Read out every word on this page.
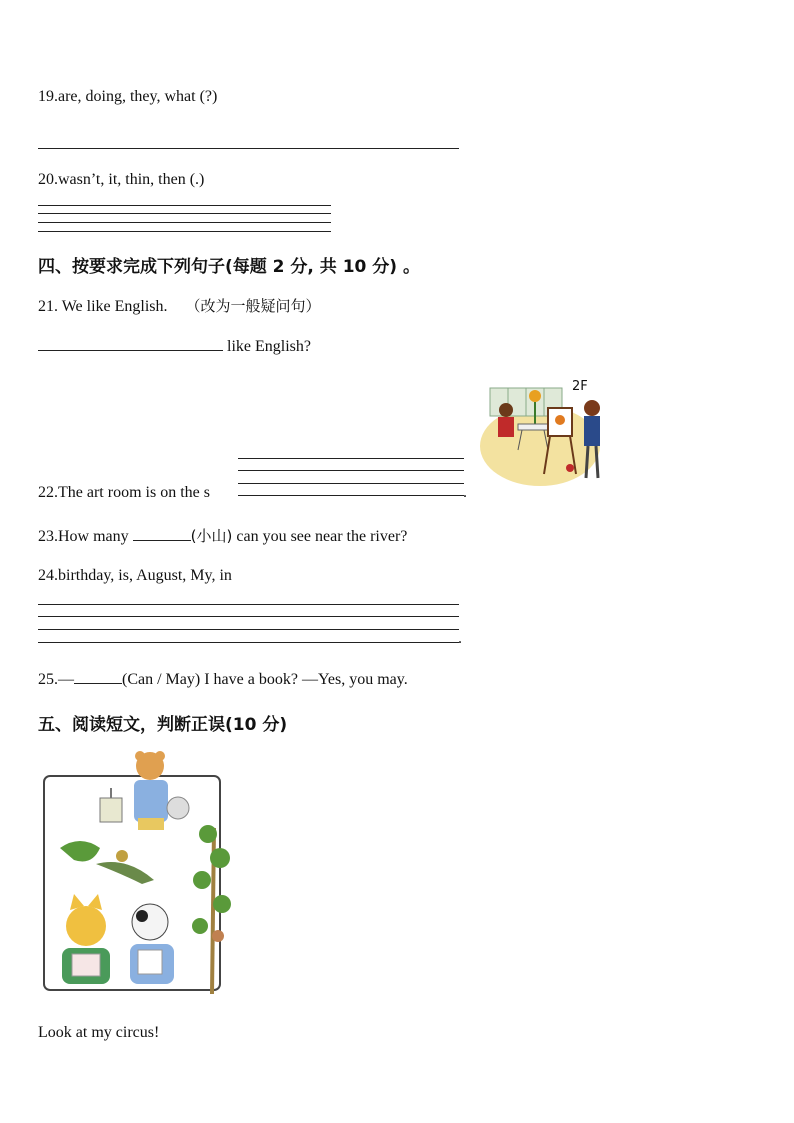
19.are, doing, they, what (?)
20.wasn’t, it, thin, then (.)
四、按要求完成下列句子(每题 2 分, 共 10 分) 。
21. We like English. （改为一般疑问句）
like English?
2F
22.The art room is on the s	.
23.How many	(小山) can you see near the river?
24.birthday, is, August, My, in
.
25.—	(Can / May) I have a book? —Yes, you may.
五、阅读短文，判断正误(10 分)
Look at my circus!
